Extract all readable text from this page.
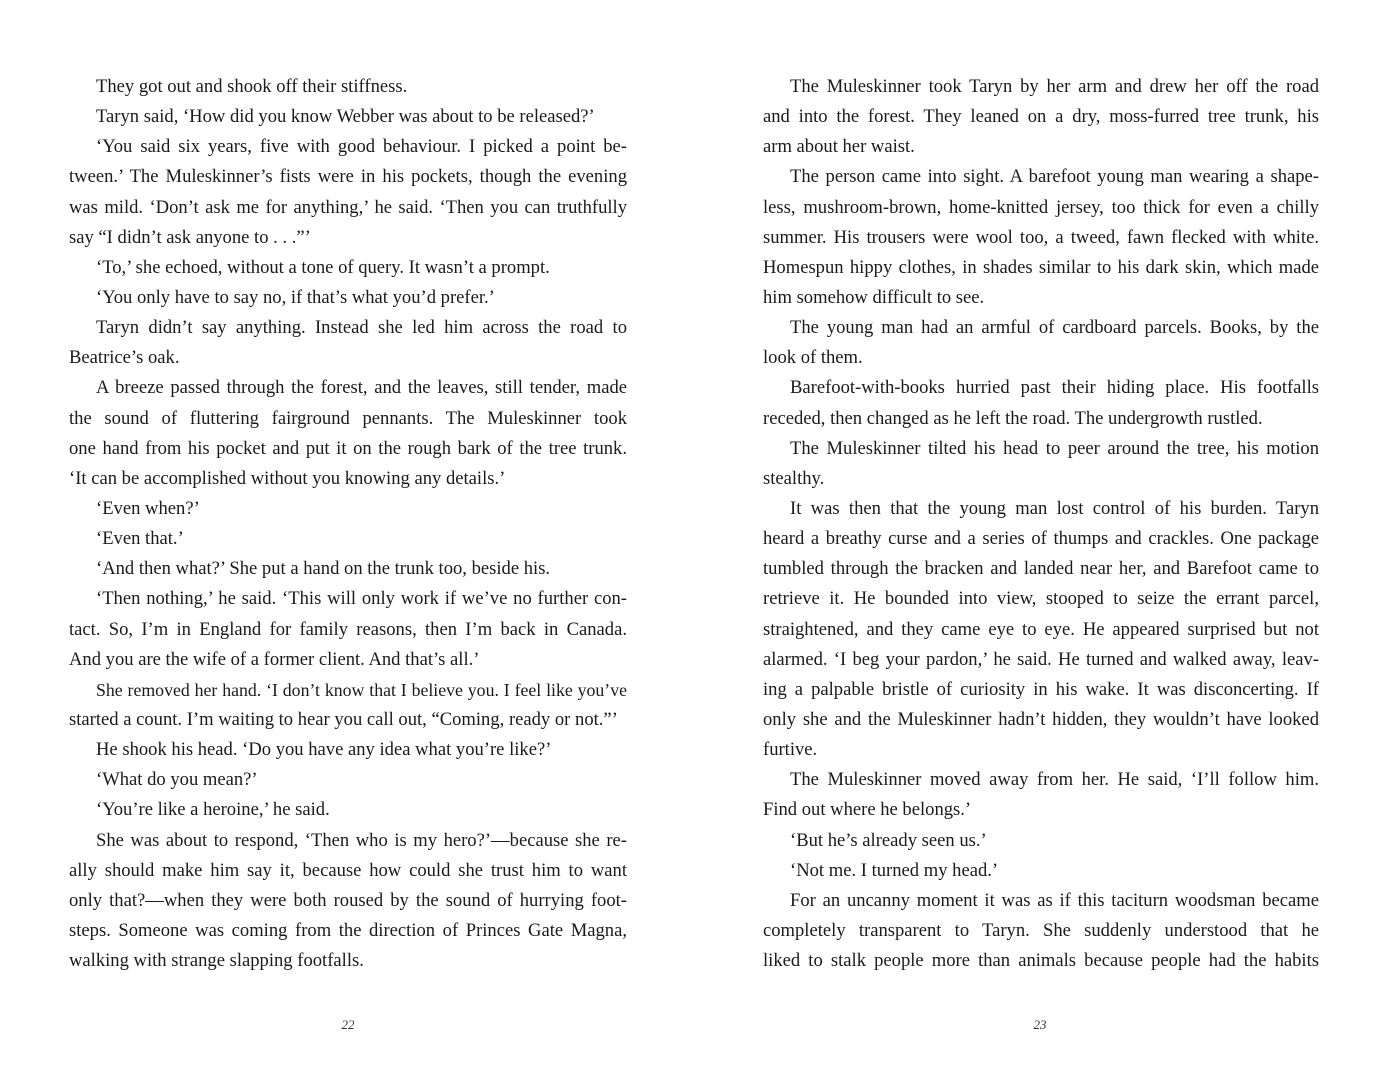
They got out and shook off their stiffness.
Taryn said, ‘How did you know Webber was about to be released?’
‘You said six years, five with good behaviour. I picked a point be-
tween.’ The Muleskinner’s fists were in his pockets, though the evening
was mild. ‘Don’t ask me for anything,’ he said. ‘Then you can truthfully
say “I didn’t ask anyone to . . .”’
‘To,’ she echoed, without a tone of query. It wasn’t a prompt.
‘You only have to say no, if that’s what you’d prefer.’
Taryn didn’t say anything. Instead she led him across the road to
Beatrice’s oak.
A breeze passed through the forest, and the leaves, still tender, made
the sound of fluttering fairground pennants. The Muleskinner took
one hand from his pocket and put it on the rough bark of the tree trunk.
‘It can be accomplished without you knowing any details.’
‘Even when?’
‘Even that.’
‘And then what?’ She put a hand on the trunk too, beside his.
‘Then nothing,’ he said. ‘This will only work if we’ve no further con-
tact. So, I’m in England for family reasons, then I’m back in Canada.
And you are the wife of a former client. And that’s all.’
She removed her hand. ‘I don’t know that I believe you. I feel like you’ve
started a count. I’m waiting to hear you call out, “Coming, ready or not.”’
He shook his head. ‘Do you have any idea what you’re like?’
‘What do you mean?’
‘You’re like a heroine,’ he said.
She was about to respond, ‘Then who is my hero?’—because she re-
ally should make him say it, because how could she trust him to want
only that?—when they were both roused by the sound of hurrying foot-
steps. Someone was coming from the direction of Princes Gate Magna,
walking with strange slapping footfalls.
22
The Muleskinner took Taryn by her arm and drew her off the road
and into the forest. They leaned on a dry, moss-furred tree trunk, his
arm about her waist.
The person came into sight. A barefoot young man wearing a shape-
less, mushroom-brown, home-knitted jersey, too thick for even a chilly
summer. His trousers were wool too, a tweed, fawn flecked with white.
Homespun hippy clothes, in shades similar to his dark skin, which made
him somehow difficult to see.
The young man had an armful of cardboard parcels. Books, by the
look of them.
Barefoot-with-books hurried past their hiding place. His footfalls
receded, then changed as he left the road. The undergrowth rustled.
The Muleskinner tilted his head to peer around the tree, his motion
stealthy.
It was then that the young man lost control of his burden. Taryn
heard a breathy curse and a series of thumps and crackles. One package
tumbled through the bracken and landed near her, and Barefoot came to
retrieve it. He bounded into view, stooped to seize the errant parcel,
straightened, and they came eye to eye. He appeared surprised but not
alarmed. ‘I beg your pardon,’ he said. He turned and walked away, leav-
ing a palpable bristle of curiosity in his wake. It was disconcerting. If
only she and the Muleskinner hadn’t hidden, they wouldn’t have looked
furtive.
The Muleskinner moved away from her. He said, ‘I’ll follow him.
Find out where he belongs.’
‘But he’s already seen us.’
‘Not me. I turned my head.’
For an uncanny moment it was as if this taciturn woodsman became
completely transparent to Taryn. She suddenly understood that he
liked to stalk people more than animals because people had the habits
23
